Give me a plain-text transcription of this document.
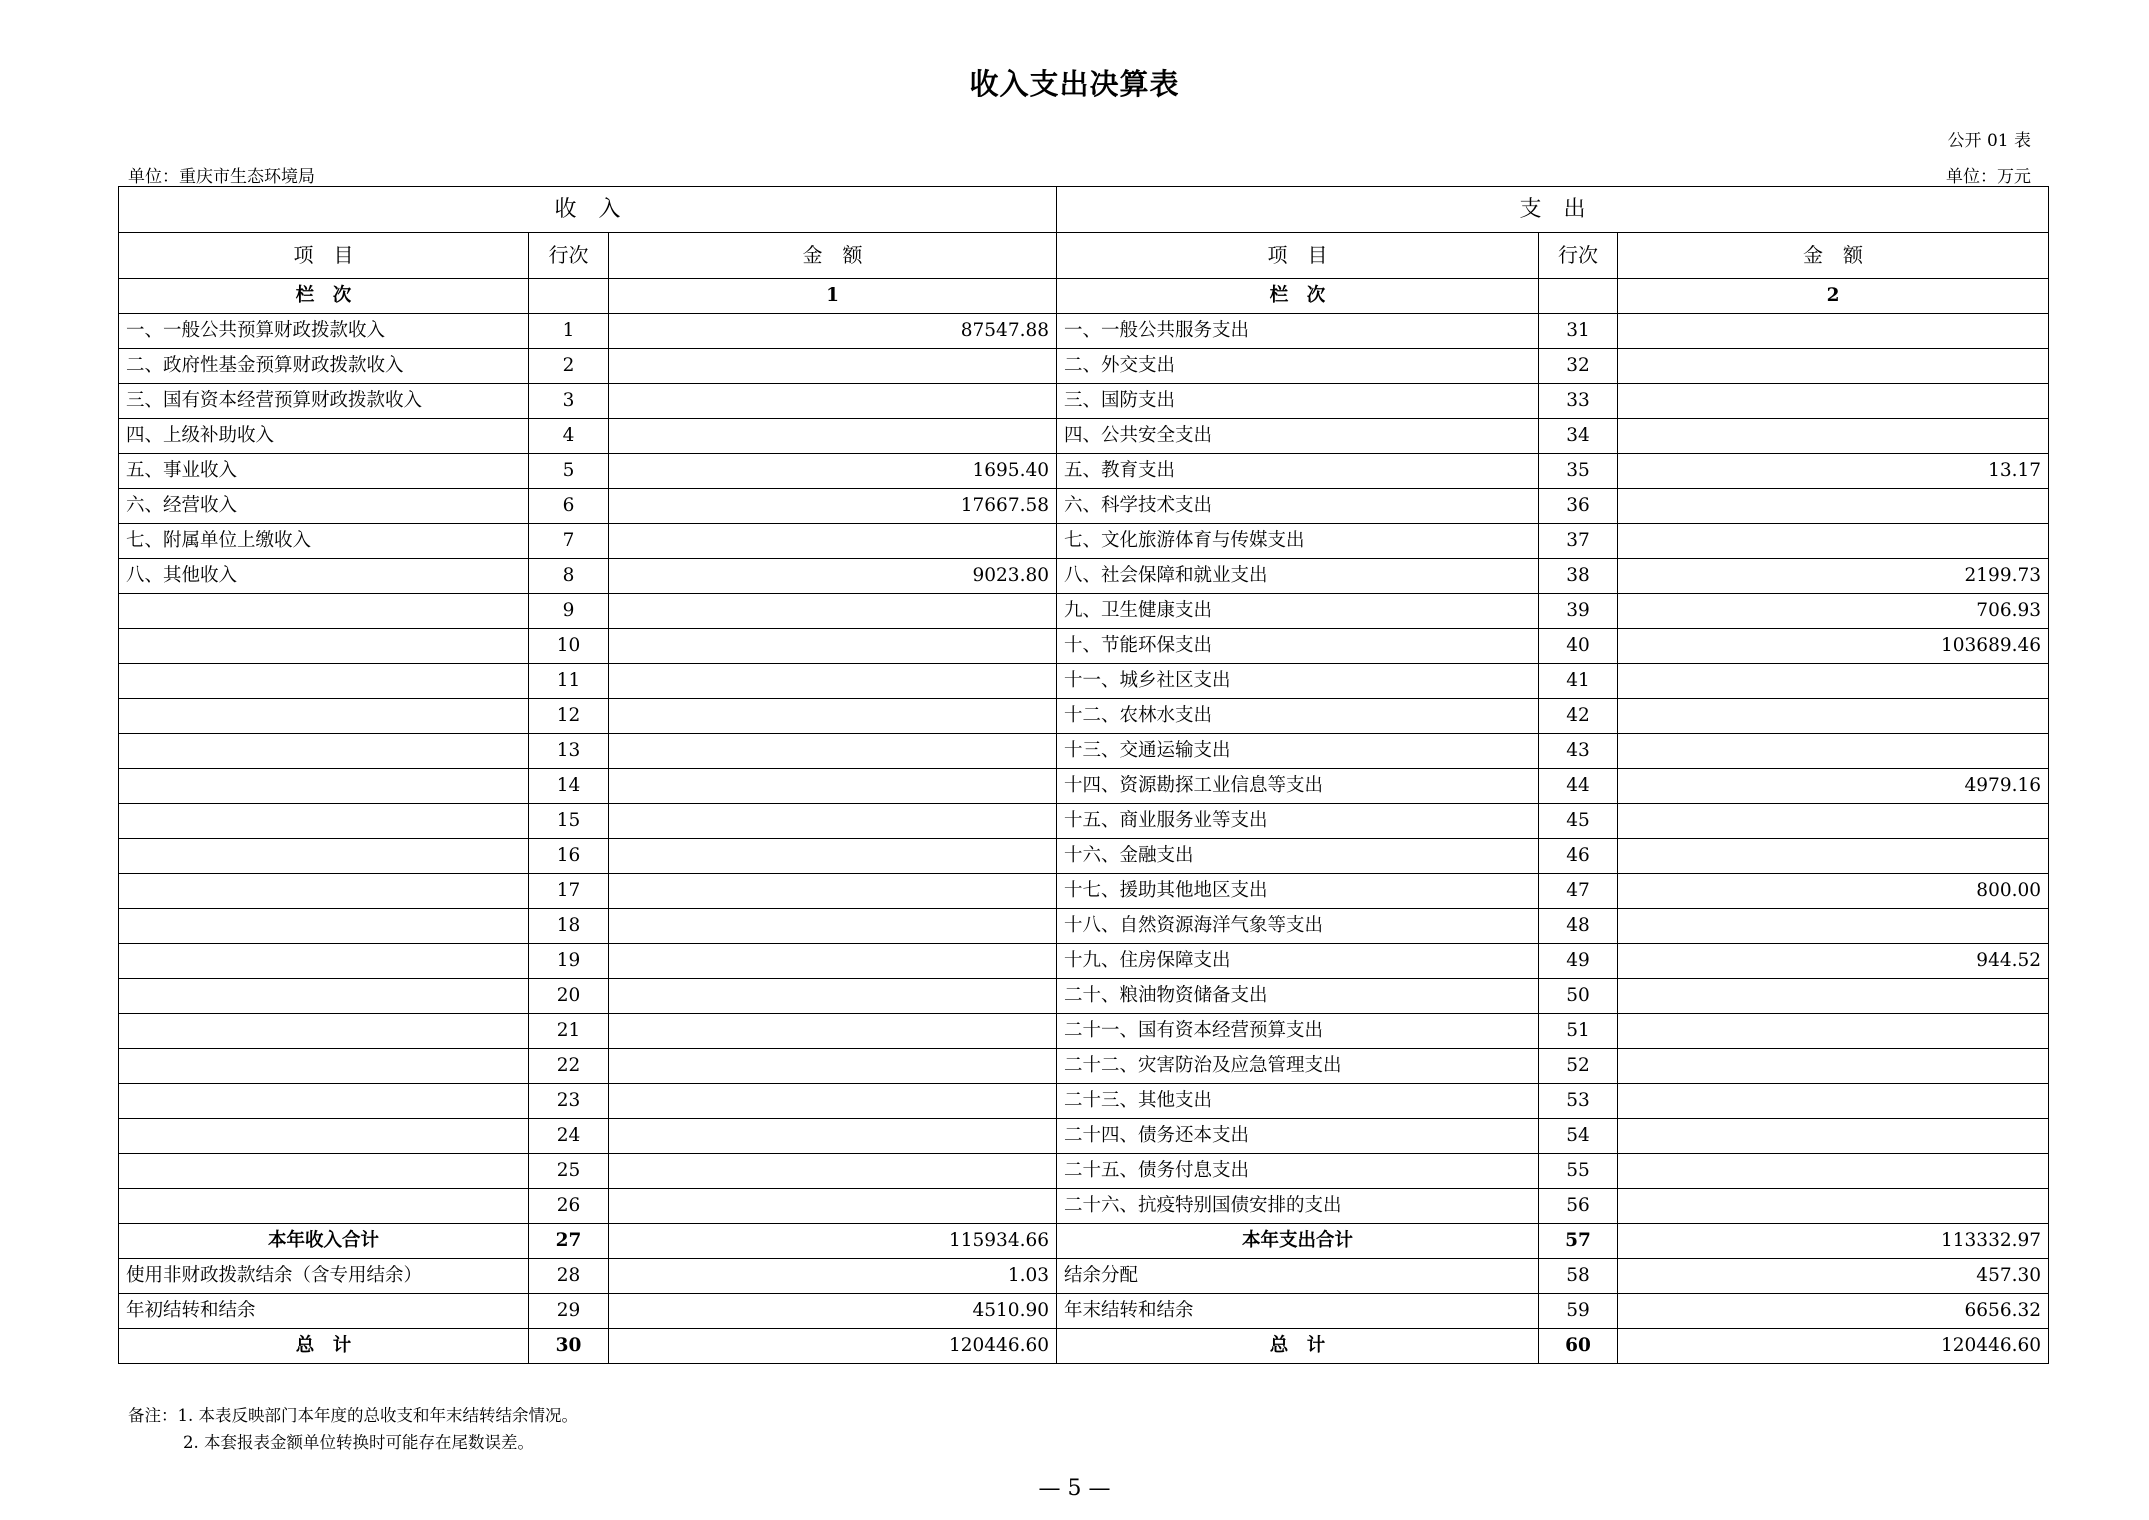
收入支出决算表
公开 01 表
单位：重庆市生态环境局	单位：万元
收　入			支　出		
项　目	行次	金　额	项　目	行次	金　额
栏　次		1	栏　次		2
一、一般公共预算财政拨款收入	1	87547.88	一、一般公共服务支出	31	
二、政府性基金预算财政拨款收入	2		二、外交支出	32	
三、国有资本经营预算财政拨款收入	3		三、国防支出	33	
四、上级补助收入	4		四、公共安全支出	34	
五、事业收入	5	1695.40	五、教育支出	35	13.17
六、经营收入	6	17667.58	六、科学技术支出	36	
七、附属单位上缴收入	7		七、文化旅游体育与传媒支出	37	
八、其他收入	8	9023.80	八、社会保障和就业支出	38	2199.73
	9		九、卫生健康支出	39	706.93
	10		十、节能环保支出	40	103689.46
	11		十一、城乡社区支出	41	
	12		十二、农林水支出	42	
	13		十三、交通运输支出	43	
	14		十四、资源勘探工业信息等支出	44	4979.16
	15		十五、商业服务业等支出	45	
	16		十六、金融支出	46	
	17		十七、援助其他地区支出	47	800.00
	18		十八、自然资源海洋气象等支出	48	
	19		十九、住房保障支出	49	944.52
	20		二十、粮油物资储备支出	50	
	21		二十一、国有资本经营预算支出	51	
	22		二十二、灾害防治及应急管理支出	52	
	23		二十三、其他支出	53	
	24		二十四、债务还本支出	54	
	25		二十五、债务付息支出	55	
	26		二十六、抗疫特别国债安排的支出	56	
本年收入合计	27	115934.66	本年支出合计	57	113332.97
使用非财政拨款结余（含专用结余）	28	1.03	结余分配	58	457.30
年初结转和结余	29	4510.90	年末结转和结余	59	6656.32
总　计	30	120446.60	总　计	60	120446.60
备注：1. 本表反映部门本年度的总收支和年末结转结余情况。
2. 本套报表金额单位转换时可能存在尾数误差。
— 5 —
